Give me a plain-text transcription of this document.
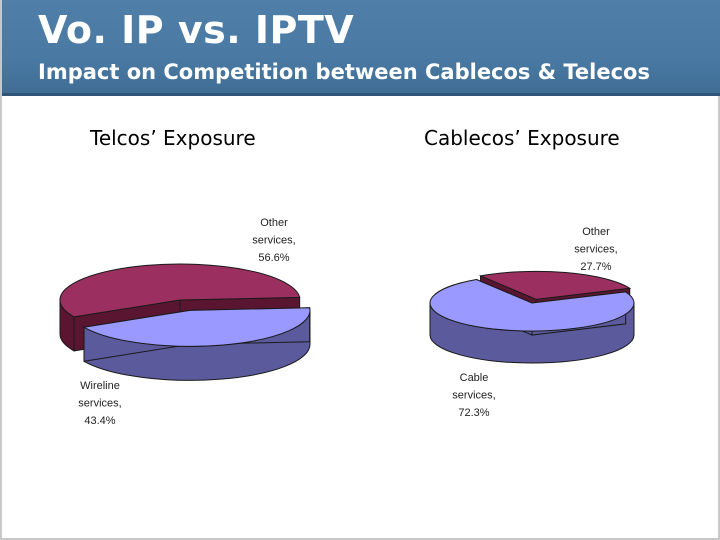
Vo. IP vs. IPTV
Impact on Competition between Cablecos & Telecos
Telcos’ Exposure	Cablecos’ Exposure
Other services, 56.6%
Wireline services, 43.4%
Other services, 27.7%
Cable services, 72.3%
